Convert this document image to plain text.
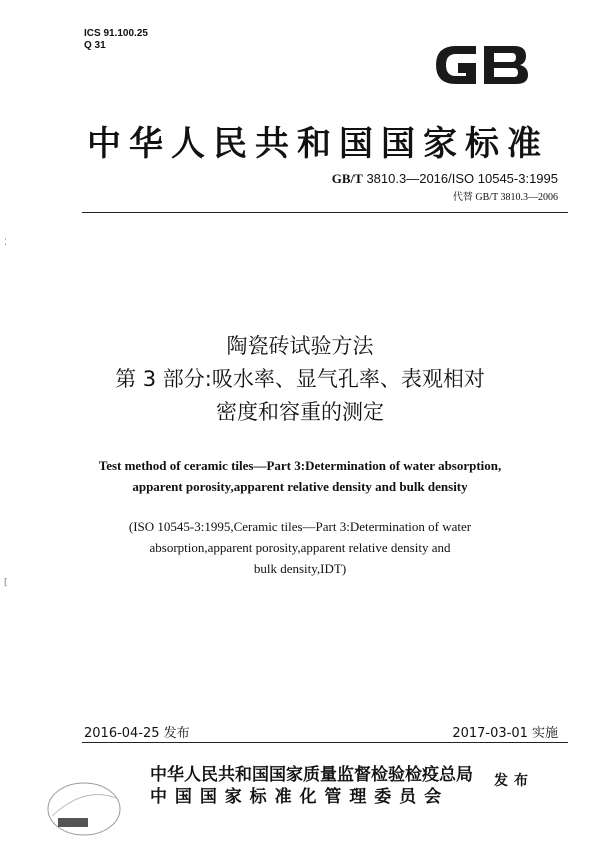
ICS 91.100.25
Q 31
中华人民共和国国家标准
GB/T 3810.3—2016/ISO 10545-3:1995
代替 GB/T 3810.3—2006
陶瓷砖试验方法
第 3 部分:吸水率、显气孔率、表观相对
密度和容重的测定
Test method of ceramic tiles—Part 3:Determination of water absorption,
apparent porosity,apparent relative density and bulk density
(ISO 10545-3:1995,Ceramic tiles—Part 3:Determination of water
absorption,apparent porosity,apparent relative density and
bulk density,IDT)
2016-04-25 发布	2017-03-01 实施
中华人民共和国国家质量监督检验检疫总局
中 国 国 家 标 准 化 管 理 委 员 会
发布
⁚
[
